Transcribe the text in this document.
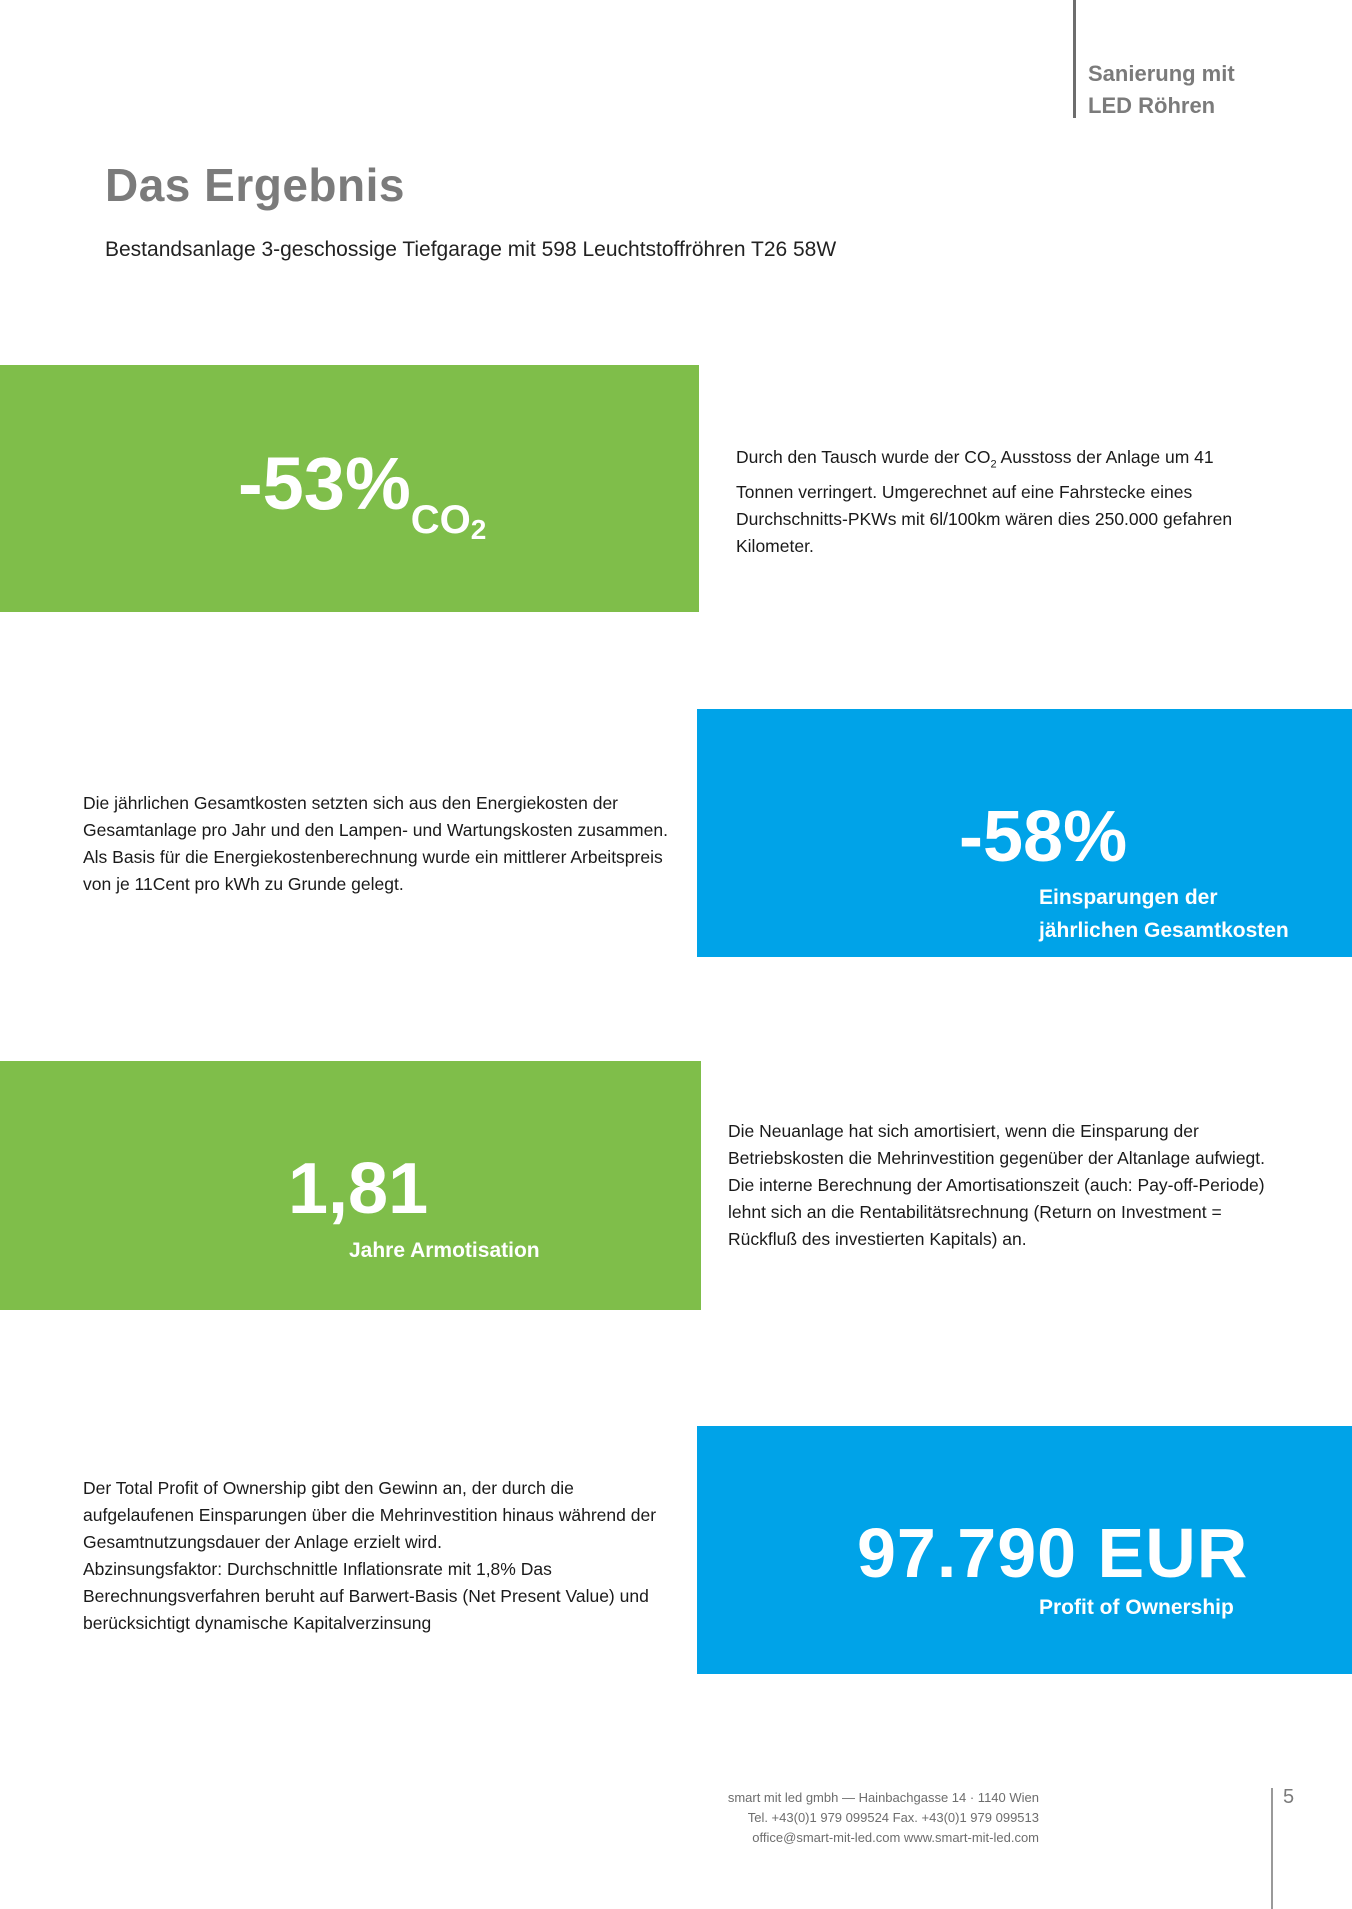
Sanierung mit
LED Röhren
Das Ergebnis
Bestandsanlage 3-geschossige Tiefgarage mit 598 Leuchtstoffröhren T26 58W
$-53\%_{CO2}$
Durch den Tausch wurde der $CO_2$ Ausstoss der Anlage um 41 Tonnen verringert. Umgerechnet auf eine Fahrstecke eines Durchschnitts-PKWs mit 6l/100km wären dies 250.000 gefahren Kilometer.
Die jährlichen Gesamtkosten setzten sich aus den Energiekosten der Gesamtanlage pro Jahr und den Lampen- und Wartungskosten zusammen. Als Basis für die Energiekostenberechnung wurde ein mittlerer Arbeitspreis von je 11Cent pro kWh zu Grunde gelegt.
-58%
Einsparungen der
jährlichen Gesamtkosten
1,81
Jahre Armotisation
Die Neuanlage hat sich amortisiert, wenn die Einsparung der Betriebskosten die Mehrinvestition gegenüber der Altanlage aufwiegt. Die interne Berechnung der Amortisationszeit (auch: Pay-off-Periode) lehnt sich an die Rentabilitätsrechnung (Return on Investment = Rückfluß des investierten Kapitals) an.
Der Total Profit of Ownership gibt den Gewinn an, der durch die aufgelaufenen Einsparungen über die Mehrinvestition hinaus während der Gesamtnutzungsdauer der Anlage erzielt wird.
Abzinsungsfaktor: Durchschnittle Inflationsrate mit 1,8% Das Berechnungsverfahren beruht auf Barwert-Basis (Net Present Value) und berücksichtigt dynamische Kapitalverzinsung
97.790 EUR
Profit of Ownership
smart mit led gmbh — Hainbachgasse 14 · 1140 Wien
Tel. +43(0)1 979 099524 Fax. +43(0)1 979 099513
office@smart-mit-led.com www.smart-mit-led.com
5
